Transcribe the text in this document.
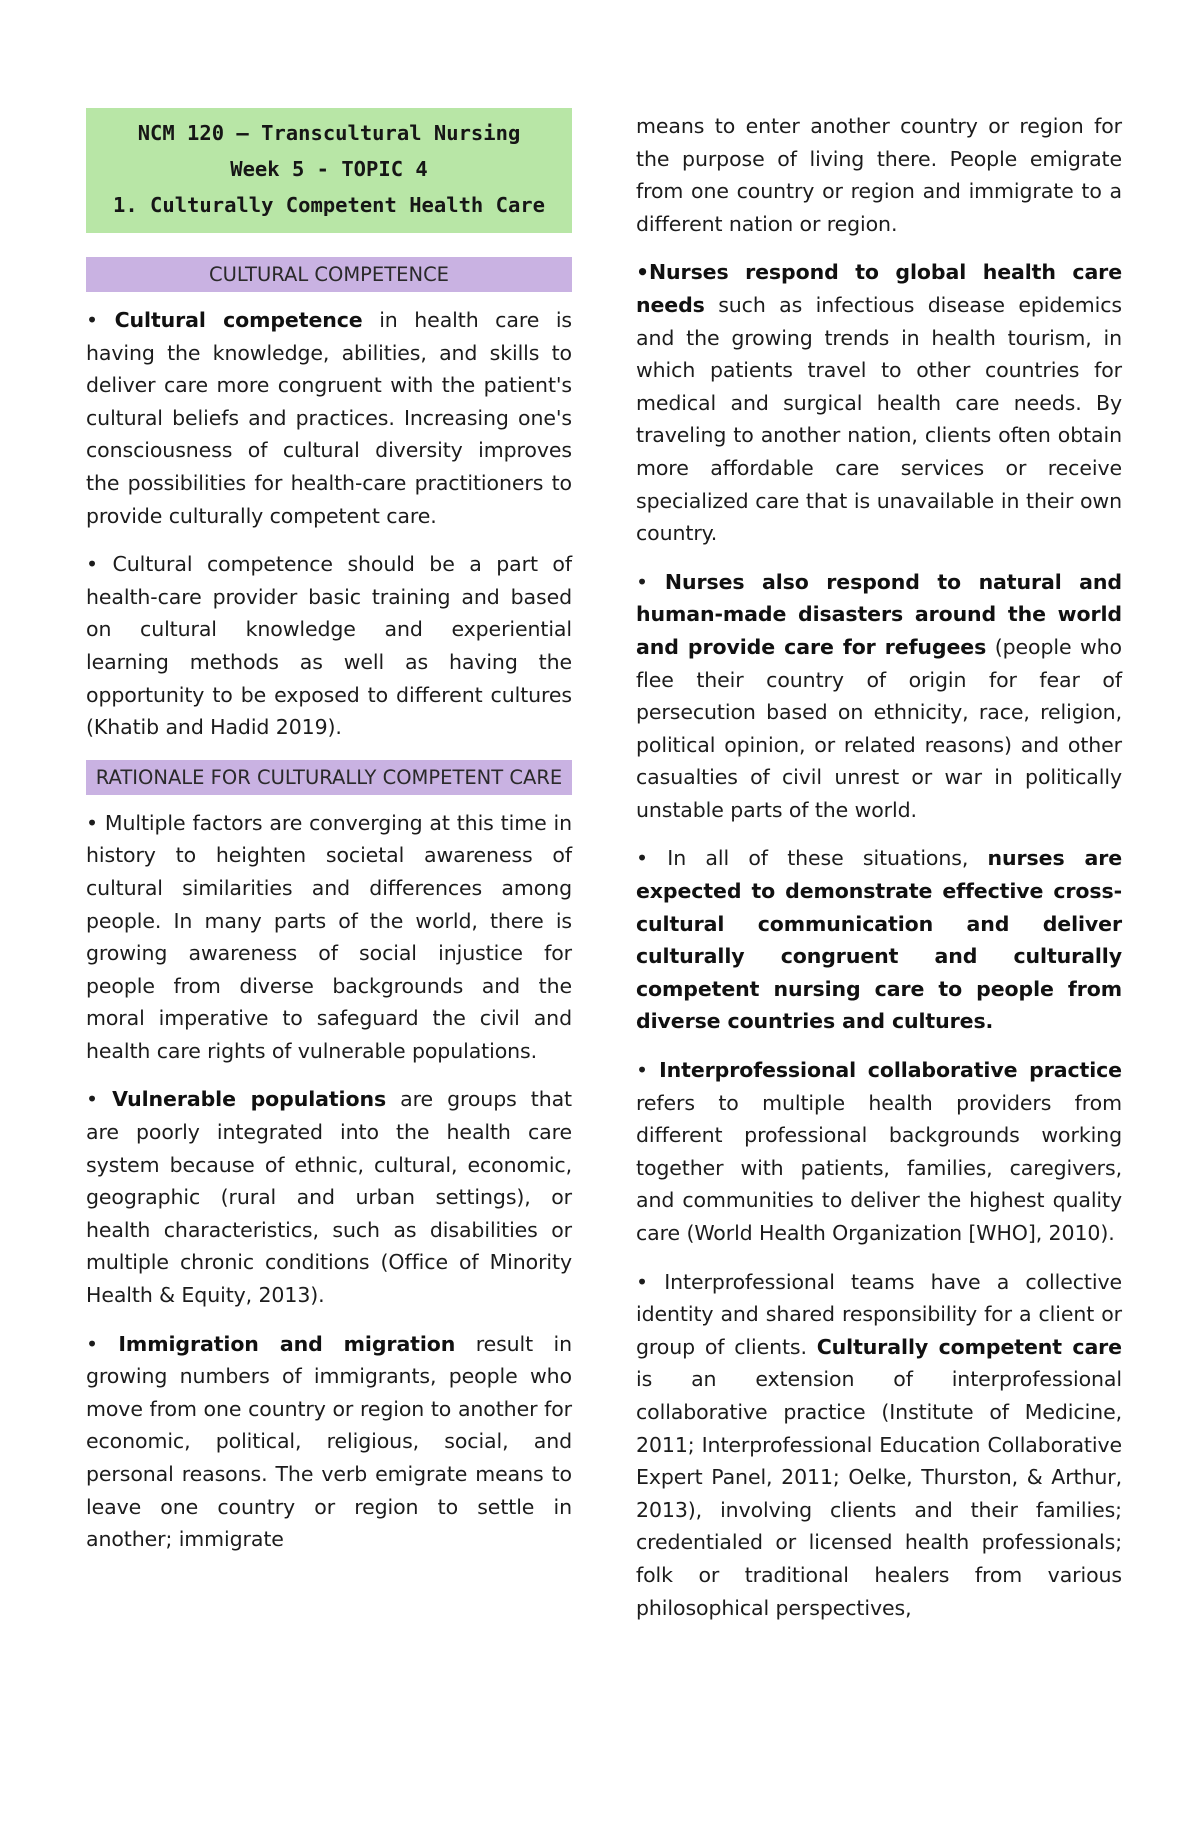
NCM 120 – Transcultural Nursing
Week 5 - TOPIC 4
1. Culturally Competent Health Care
CULTURAL COMPETENCE

• Cultural competence in health care is having the knowledge, abilities, and skills to deliver care more congruent with the patient's cultural beliefs and practices. Increasing one's consciousness of cultural diversity improves the possibilities for health-care practitioners to provide culturally competent care.

• Cultural competence should be a part of health-care provider basic training and based on cultural knowledge and experiential learning methods as well as having the opportunity to be exposed to different cultures (Khatib and Hadid 2019).

RATIONALE FOR CULTURALLY COMPETENT CARE

• Multiple factors are converging at this time in history to heighten societal awareness of cultural similarities and differences among people. In many parts of the world, there is growing awareness of social injustice for people from diverse backgrounds and the moral imperative to safeguard the civil and health care rights of vulnerable populations.

• Vulnerable populations are groups that are poorly integrated into the health care system because of ethnic, cultural, economic, geographic (rural and urban settings), or health characteristics, such as disabilities or multiple chronic conditions (Office of Minority Health & Equity, 2013).

• Immigration and migration result in growing numbers of immigrants, people who move from one country or region to another for economic, political, religious, social, and personal reasons. The verb emigrate means to leave one country or region to settle in another; immigrate

means to enter another country or region for the purpose of living there. People emigrate from one country or region and immigrate to a different nation or region.

•Nurses respond to global health care needs such as infectious disease epidemics and the growing trends in health tourism, in which patients travel to other countries for medical and surgical health care needs. By traveling to another nation, clients often obtain more affordable care services or receive specialized care that is unavailable in their own country.

• Nurses also respond to natural and human-made disasters around the world and provide care for refugees (people who flee their country of origin for fear of persecution based on ethnicity, race, religion, political opinion, or related reasons) and other casualties of civil unrest or war in politically unstable parts of the world.

• In all of these situations, nurses are expected to demonstrate effective cross-cultural communication and deliver culturally congruent and culturally competent nursing care to people from diverse countries and cultures.

• Interprofessional collaborative practice refers to multiple health providers from different professional backgrounds working together with patients, families, caregivers, and communities to deliver the highest quality care (World Health Organization [WHO], 2010).

• Interprofessional teams have a collective identity and shared responsibility for a client or group of clients. Culturally competent care is an extension of interprofessional collaborative practice (Institute of Medicine, 2011; Interprofessional Education Collaborative Expert Panel, 2011; Oelke, Thurston, & Arthur, 2013), involving clients and their families; credentialed or licensed health professionals; folk or traditional healers from various philosophical perspectives,
